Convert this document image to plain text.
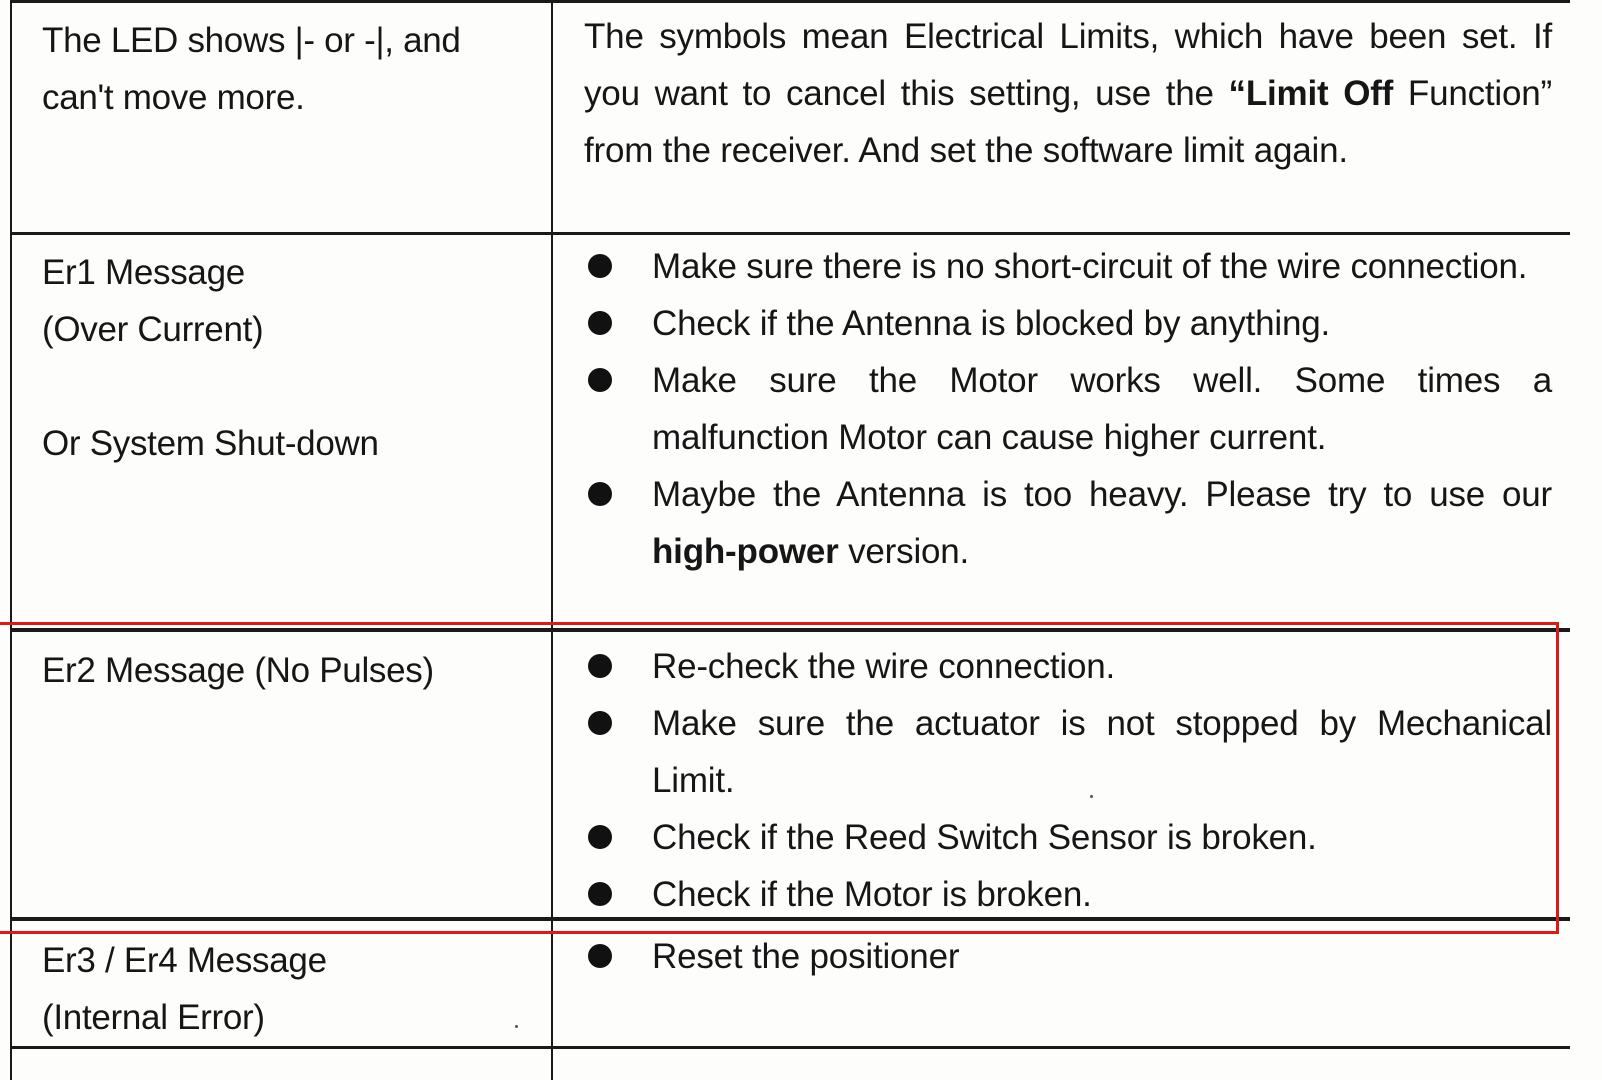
The LED shows |- or -|, and
can't move more.
The symbols mean Electrical Limits, which have been set. If you want to cancel this setting, use the “Limit Off Function” from the receiver. And set the software limit again.
Er1 Message
(Over Current)
Or System Shut-down
Make sure there is no short-circuit of the wire connection.
Check if the Antenna is blocked by anything.
Make sure the Motor works well. Some times a malfunction Motor can cause higher current.
Maybe the Antenna is too heavy. Please try to use our high-power version.
Er2 Message (No Pulses)	Re-check the wire connection.
Make sure the actuator is not stopped by Mechanical Limit.
Check if the Reed Switch Sensor is broken.
Check if the Motor is broken.
Er3 / Er4 Message
(Internal Error)
Reset the positioner
